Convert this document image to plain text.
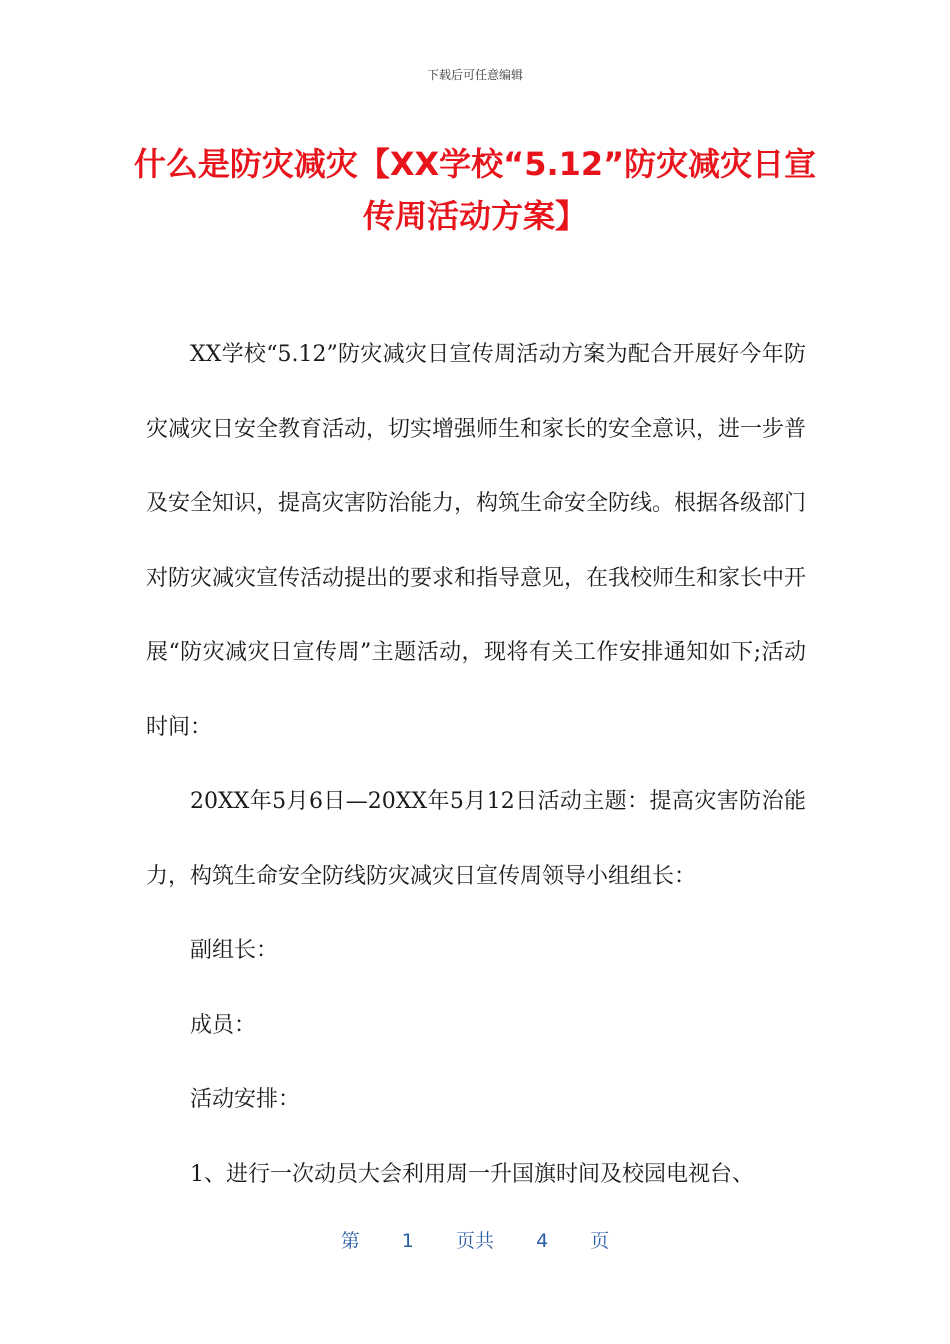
下载后可任意编辑
什么是防灾减灾【XX学校“5.12”防灾减灾日宣传周活动方案】

XX学校“5.12”防灾减灾日宣传周活动方案为配合开展好今年防灾减灾日安全教育活动，切实增强师生和家长的安全意识，进一步普及安全知识，提高灾害防治能力，构筑生命安全防线。根据各级部门对防灾减灾宣传活动提出的要求和指导意见，在我校师生和家长中开展“防灾减灾日宣传周”主题活动，现将有关工作安排通知如下;活动时间：

20XX年5月6日—20XX年5月12日活动主题：提高灾害防治能力，构筑生命安全防线防灾减灾日宣传周领导小组组长：

副组长：

成员：

活动安排：

1、进行一次动员大会利用周一升国旗时间及校园电视台、

第 1 页共 4 页
